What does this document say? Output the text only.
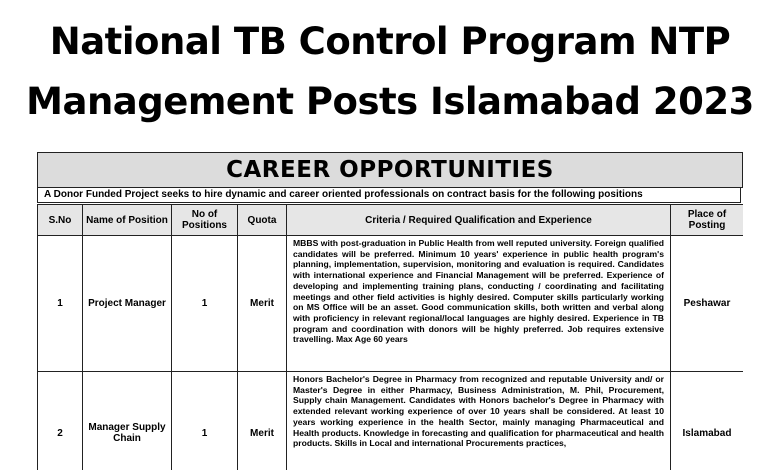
National TB Control Program NTP
Management Posts Islamabad 2023
CAREER OPPORTUNITIES
A Donor Funded Project seeks to hire dynamic and career oriented professionals on contract basis for the following positions
S.No	Name of Position	No of Positions	Quota	Criteria / Required Qualification and Experience	Place of Posting
1	Project Manager	1	Merit	MBBS with post-graduation in Public Health from well reputed university. Foreign qualified candidates will be preferred. Minimum 10 years' experience in public health program's planning, implementation, supervision, monitoring and evaluation is required. Candidates with international experience and Financial Management will be preferred. Experience of developing and implementing training plans, conducting / coordinating and facilitating meetings and other field activities is highly desired. Computer skills particularly working on MS Office will be an asset. Good communication skills, both written and verbal along with proficiency in relevant regional/local languages are highly desired. Experience in TB program and coordination with donors will be highly preferred. Job requires extensive travelling. Max Age 60 years	Peshawar
2	Manager Supply Chain	1	Merit	Honors Bachelor's Degree in Pharmacy from recognized and reputable University and/ or Master's Degree in either Pharmacy, Business Administration, M. Phil, Procurement, Supply chain Management. Candidates with Honors bachelor's Degree in Pharmacy with extended relevant working experience of over 10 years shall be considered. At least 10 years working experience in the health Sector, mainly managing Pharmaceutical and Health products. Knowledge in forecasting and qualification for pharmaceutical and health products. Skills in Local and international Procurements practices,	Islamabad
